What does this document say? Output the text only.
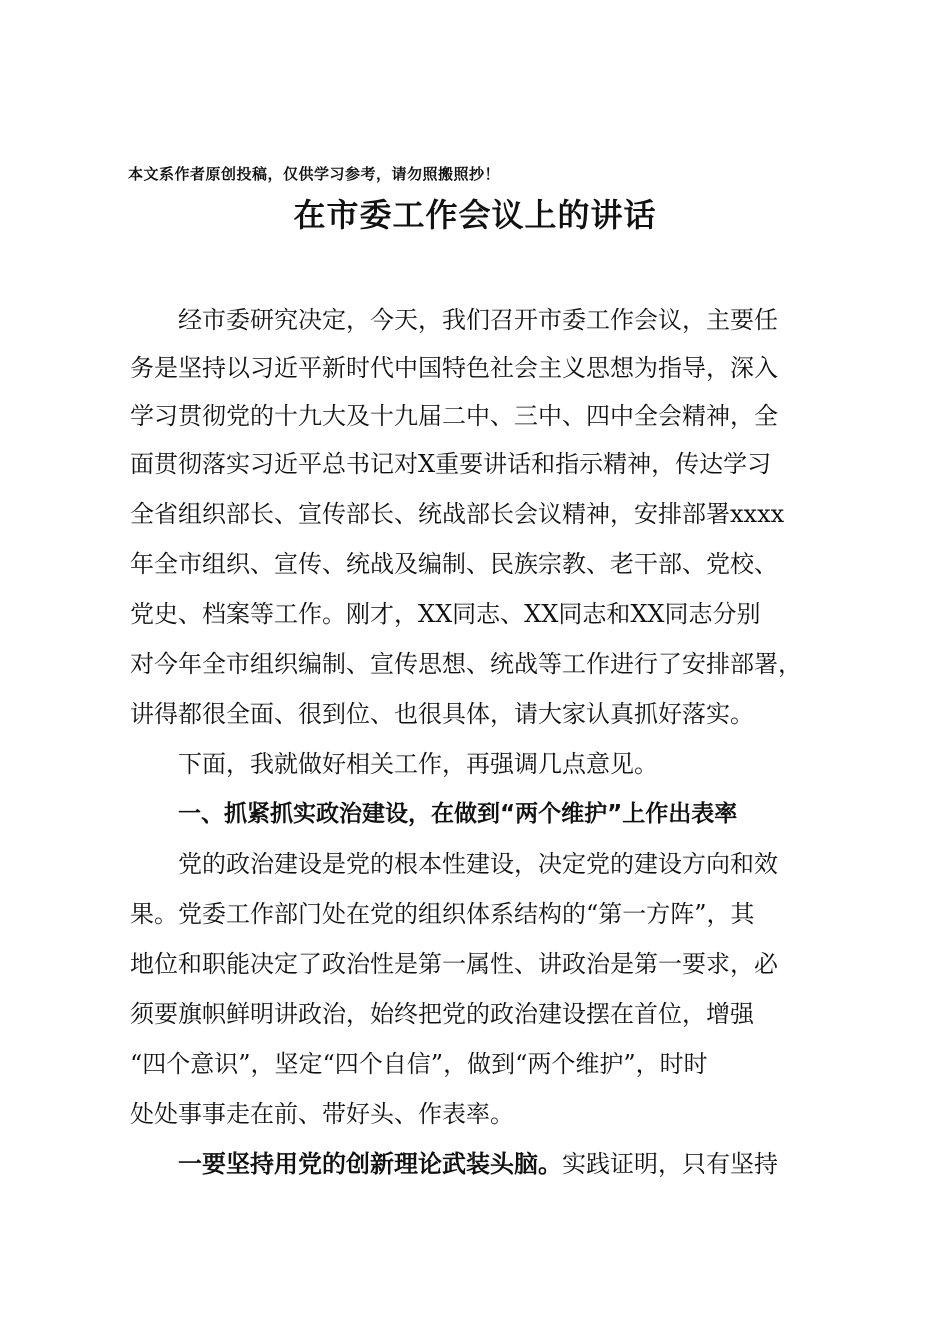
本文系作者原创投稿，仅供学习参考，请勿照搬照抄！
在市委工作会议上的讲话
经市委研究决定，今天，我们召开市委工作会议，主要任
务是坚持以习近平新时代中国特色社会主义思想为指导，深入
学习贯彻党的十九大及十九届二中、三中、四中全会精神，全
面贯彻落实习近平总书记对X重要讲话和指示精神，传达学习
全省组织部长、宣传部长、统战部长会议精神，安排部署xxxx
年全市组织、宣传、统战及编制、民族宗教、老干部、党校、
党史、档案等工作。刚才，XX同志、XX同志和XX同志分别
对今年全市组织编制、宣传思想、统战等工作进行了安排部署，
讲得都很全面、很到位、也很具体，请大家认真抓好落实。
下面，我就做好相关工作，再强调几点意见。
一、抓紧抓实政治建设，在做到“两个维护”上作出表率
党的政治建设是党的根本性建设，决定党的建设方向和效
果。党委工作部门处在党的组织体系结构的“第一方阵”，其
地位和职能决定了政治性是第一属性、讲政治是第一要求，必
须要旗帜鲜明讲政治，始终把党的政治建设摆在首位，增强
“四个意识”，坚定“四个自信”，做到“两个维护”，时时
处处事事走在前、带好头、作表率。
一要坚持用党的创新理论武装头脑。实践证明，只有坚持
